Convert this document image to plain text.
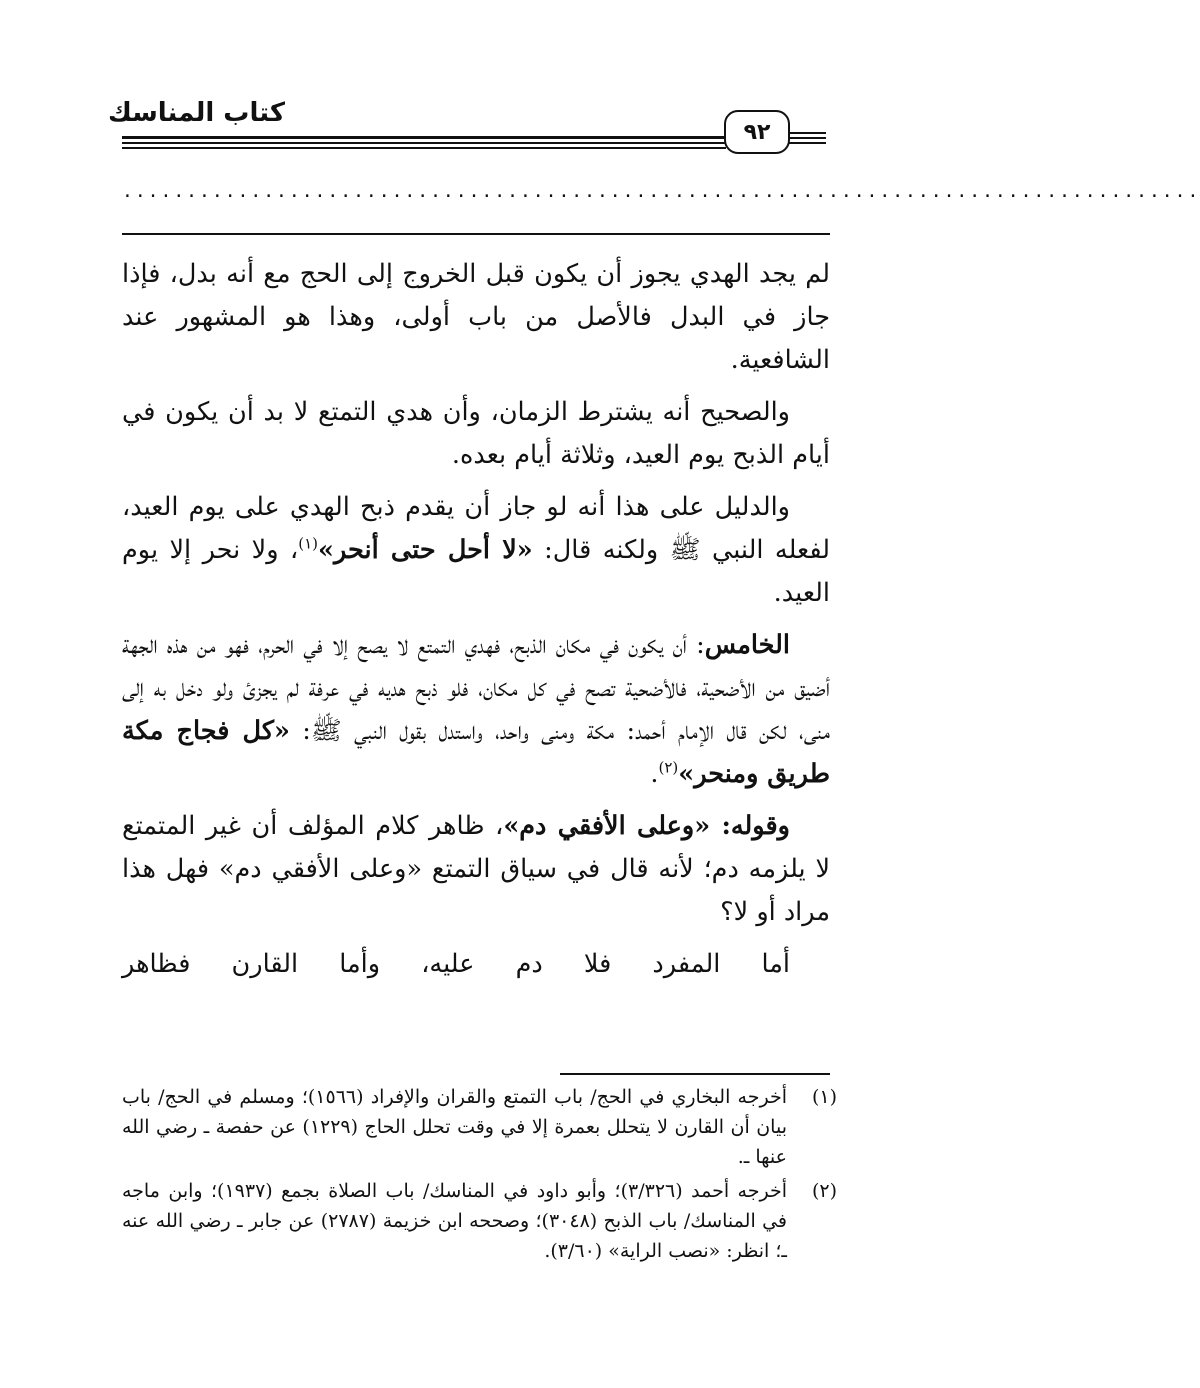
كتاب المناسك
٩٢
....................................................................................

لم يجد الهدي يجوز أن يكون قبل الخروج إلى الحج مع أنه بدل، فإذا جاز في البدل فالأصل من باب أولى، وهذا هو المشهور عند الشافعية.

والصحيح أنه يشترط الزمان، وأن هدي التمتع لا بد أن يكون في أيام الذبح يوم العيد، وثلاثة أيام بعده.

والدليل على هذا أنه لو جاز أن يقدم ذبح الهدي على يوم العيد، لفعله النبي ﷺ ولكنه قال: «لا أحل حتى أنحر»$^{(١)}$، ولا نحر إلا يوم العيد.

الخامس: أن يكون في مكان الذبح، فهدي التمتع لا يصح إلا في الحرم، فهو من هذه الجهة أضيق من الأضحية، فالأضحية تصح في كل مكان، فلو ذبح هديه في عرفة لم يجزئ ولو دخل به إلى منى، لكن قال الإمام أحمد: مكة ومنى واحد، واستدل بقول النبي ﷺ: «كل فجاج مكة طريق ومنحر»$^{(٢)}$.

وقوله: «وعلى الأفقي دم»، ظاهر كلام المؤلف أن غير المتمتع لا يلزمه دم؛ لأنه قال في سياق التمتع «وعلى الأفقي دم» فهل هذا مراد أو لا؟

أما المفرد فلا دم عليه، وأما القارن فظاهر

(١)
أخرجه البخاري في الحج/ باب التمتع والقران والإفراد (١٥٦٦)؛ ومسلم في الحج/ باب بيان أن القارن لا يتحلل بعمرة إلا في وقت تحلل الحاج (١٢٢٩) عن حفصة ـ رضي الله عنها ـ.
(٢)
أخرجه أحمد (٣/٣٢٦)؛ وأبو داود في المناسك/ باب الصلاة بجمع (١٩٣٧)؛ وابن ماجه في المناسك/ باب الذبح (٣٠٤٨)؛ وصححه ابن خزيمة (٢٧٨٧) عن جابر ـ رضي الله عنه ـ؛ انظر: «نصب الراية» (٣/٦٠).
